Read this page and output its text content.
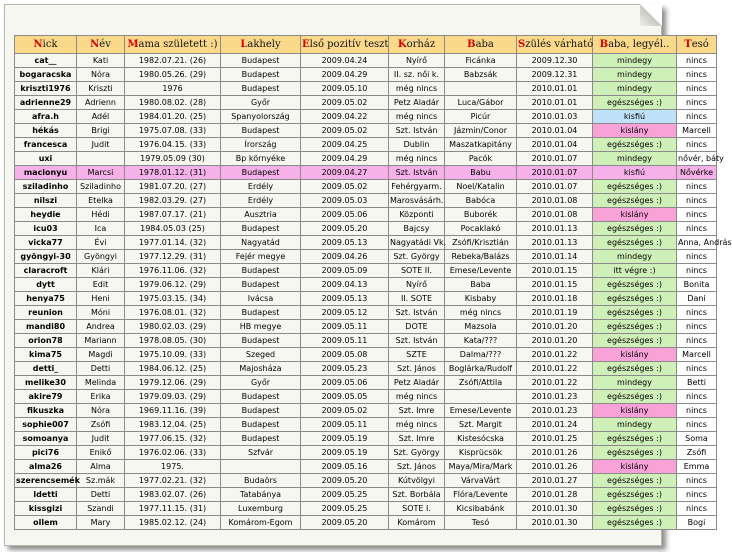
Nick	Név	Mama született :)	Lakhely	Első pozitív teszt	Korház	Baba	Szülés várható	Baba, legyél..	Tesó
cat__	Kati	1982.07.21. (26)	Budapest	2009.04.24	Nyírő	Ficánka	2009.12.30	mindegy	nincs
bogaracska	Nóra	1980.05.26. (29)	Budapest	2009.04.29	II. sz. női k.	Babzsák	2009.12.31	mindegy	nincs
kriszti1976	Kriszti	1976	Budapest	2009.05.10	még nincs		2010.01.01	mindegy	nincs
adrienne29	Adrienn	1980.08.02. (28)	Győr	2009.05.02	Petz Aladár	Luca/Gábor	2010.01.01	egészséges :)	nincs
afra.h	Adél	1984.01.20. (25)	Spanyolország	2009.04.22	még nincs	Picúr	2010.01.03	kisfiú	nincs
hékás	Brigi	1975.07.08. (33)	Budapest	2009.05.02	Szt. István	Jázmin/Conor	2010.01.04	kislány	Marcell
francesca	Judit	1976.04.15. (33)	Írország	2009.04.25	Dublin	Maszatkapitány	2010.01.04	egészséges :)	nincs
uxi		1979.05.09 (30)	Bp környéke	2009.04.29	még nincs	Pacók	2010.01.07	mindegy	nővér, báty
macionyu	Marcsi	1978.01.12. (31)	Budapest	2009.04.27	Szt. István	Babu	2010.01.07	kisfiú	Nővérke
sziladinho	Sziladinho	1981.07.20. (27)	Erdély	2009.05.02	Fehérgyarm.	Noel/Katalin	2010.01.07	egészséges :)	nincs
nilszi	Etelka	1982.03.29. (27)	Erdély	2009.05.03	Marosvásárh.	Babóca	2010.01.08	egészséges :)	nincs
heydie	Hédi	1987.07.17. (21)	Ausztria	2009.05.06	Központi	Buborék	2010.01.08	kislány	nincs
icu03	Ica	1984.05.03 (25)	Budapest	2009.05.20	Bajcsy	Pocaklakó	2010.01.13	egészséges :)	nincs
vicka77	Évi	1977.01.14. (32)	Nagyatád	2009.05.13	Nagyatádi Vk.	Zsófi/Krisztián	2010.01.13	egészséges :)	Anna, András
gyöngyi-30	Gyöngyi	1977.12.29. (31)	Fejér megye	2009.04.26	Szt. György	Rebeka/Balázs	2010.01.14	mindegy	nincs
claracroft	Klári	1976.11.06. (32)	Budapest	2009.05.09	SOTE II.	Emese/Levente	2010.01.15	itt végre :)	nincs
dytt	Edit	1979.06.12. (29)	Budapest	2009.04.13	Nyírő	Baba	2010.01.15	egészséges :)	Bonita
henya75	Heni	1975.03.15. (34)	Ivácsa	2009.05.13	II. SOTE	Kisbaby	2010.01.18	egészséges :)	Dani
reunion	Móni	1976.08.01. (32)	Budapest	2009.05.12	Szt. István	még nincs	2010.01.19	egészséges :)	nincs
mandi80	Andrea	1980.02.03. (29)	HB megye	2009.05.11	DOTE	Mazsola	2010.01.20	egészséges :)	nincs
orion78	Mariann	1978.08.05. (30)	Budapest	2009.05.11	Szt. István	Kata/???	2010.01.20	egészséges :)	nincs
kima75	Magdi	1975.10.09. (33)	Szeged	2009.05.08	SZTE	Dalma/???	2010.01.22	kislány	Marcell
detti_	Detti	1984.06.12. (25)	Majosháza	2009.05.23	Szt. János	Boglárka/Rudolf	2010.01.22	egészséges :)	nincs
melike30	Melinda	1979.12.06. (29)	Győr	2009.05.06	Petz Aladár	Zsófi/Attila	2010.01.22	mindegy	Betti
akire79	Erika	1979.09.03. (29)	Budapest	2009.05.05	még nincs		2010.01.23	egészséges :)	nincs
fikuszka	Nóra	1969.11.16. (39)	Budapest	2009.05.02	Szt. Imre	Emese/Levente	2010.01.23	kislány	nincs
sophie007	Zsófi	1983.12.04. (25)	Budapest	2009.05.11	még nincs	Szt. Margit	2010.01.24	mindegy	nincs
somoanya	Judit	1977.06.15. (32)	Budapest	2009.05.19	Szt. Imre	Kistesócska	2010.01.25	egészséges :)	Soma
pici76	Enikő	1976.02.06. (33)	Szfvár	2009.05.19	Szt. György	Kisprücsök	2010.01.26	egészséges :)	Zsófi
alma26	Alma	1975.		2009.05.16	Szt. János	Maya/Mira/Mark	2010.01.26	kislány	Emma
szerencsemék	Sz.mák	1977.02.21. (32)	Budaörs	2009.05.20	Kútvölgyi	VárvaVárt	2010.01.27	egészséges :)	nincs
ldetti	Detti	1983.02.07. (26)	Tatabánya	2009.05.25	Szt. Borbála	Flóra/Levente	2010.01.28	egészséges :)	nincs
kissgizi	Szandi	1977.11.15. (31)	Luxemburg	2009.05.25	SOTE I.	Kicsibabánk	2010.01.30	egészséges :)	nincs
ollem	Mary	1985.02.12. (24)	Komárom-Egom	2009.05.20	Komárom	Tesó	2010.01.30	egészséges :)	Bogi
